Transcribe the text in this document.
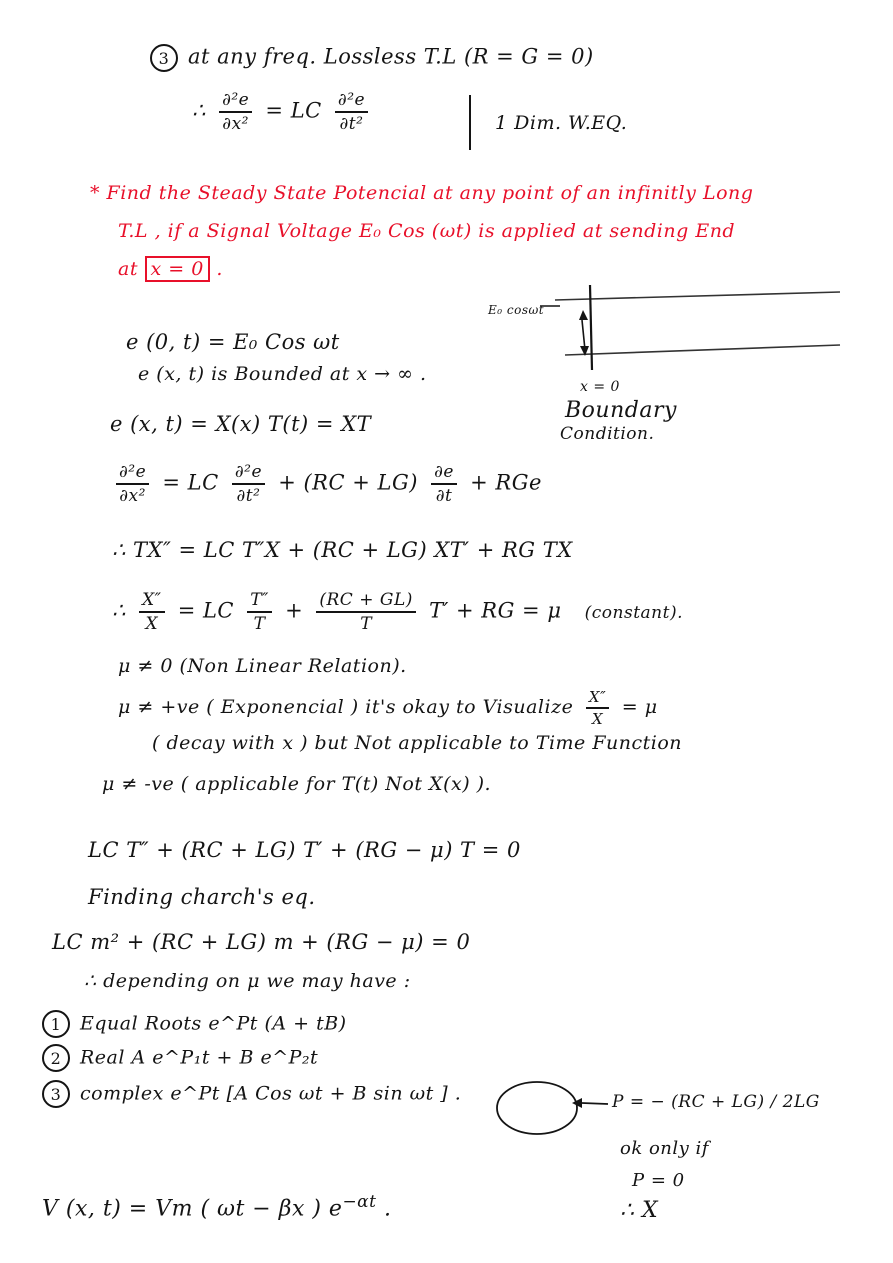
3 at any freq. Lossless T.L (R = G = 0)
∴ $\frac{\text{∂²e}}{\text{∂x²}}$ = LC $\frac{\text{∂²e}}{\text{∂t²}}$	1 Dim. W.EQ.
* Find the Steady State Potencial at any point of an infinitly Long
T.L , if a Signal Voltage E₀ Cos (ωt) is applied at sending End
at x = 0 .
e (0, t) = E₀ Cos ωt
e (x, t) is Bounded at x → ∞ .
e (x, t) = X(x) T(t) = XT
E₀ cosωt
x = 0
Boundary
Condition.
$\frac{\text{∂²e}}{\text{∂x²}}$ = LC $\frac{\text{∂²e}}{\text{∂t²}} + (RC + LG) \frac{\partial e}{\partial t}$ + RGe
∴ TX″ = LC T″X + (RC + LG) XT′ + RG TX
∴ $\frac{X''}{X}$ = LC $\frac{T''}{T} + \frac{(RC + GL)}{T} T'$ + RG = μ (constant).
μ ≠ 0 (Non Linear Relation).
μ ≠ +ve ( Exponencial ) it's okay to Visualize $\frac{X''}{X} = \mu$
( decay with x ) but Not applicable to Time Function
μ ≠ -ve ( applicable for T(t) Not X(x) ).
LC T″ + (RC + LG) T′ + (RG − μ) T = 0
Finding charch's eq.
LC m² + (RC + LG) m + (RG − μ) = 0
∴ depending on μ we may have :
1 Equal Roots e^Pt (A + tB)
2 Real A e^P₁t + B e^P₂t
3 complex e^Pt [A Cos ωt + B sin ωt ] .	P = − (RC + LG) / 2LG
ok only if
P = 0
∴ X
V (x, t) = Vm ( ωt − βx ) $e^{-\alpha t}$ .
